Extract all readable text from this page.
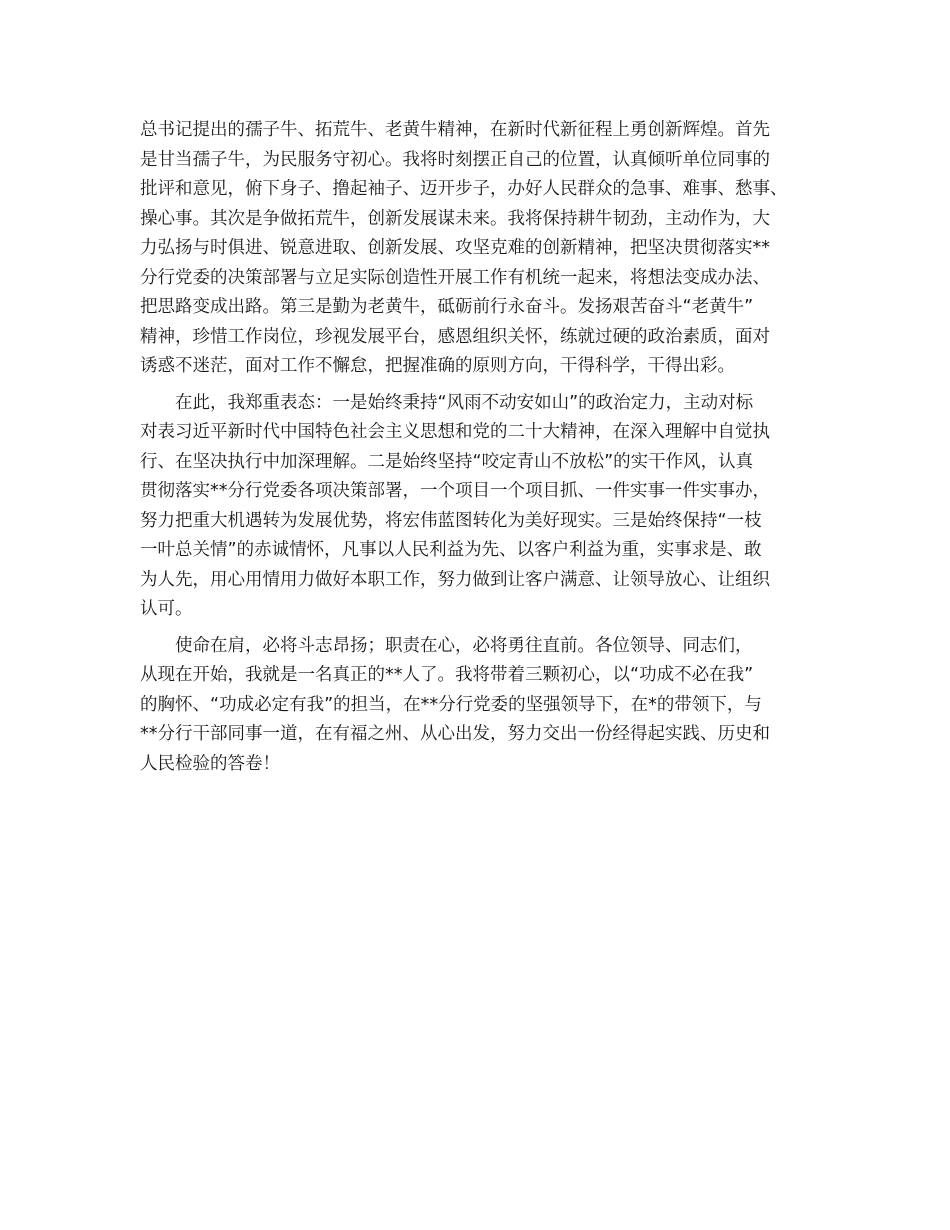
总书记提出的孺子牛、拓荒牛、老黄牛精神，在新时代新征程上勇创新辉煌。首先
是甘当孺子牛，为民服务守初心。我将时刻摆正自己的位置，认真倾听单位同事的
批评和意见，俯下身子、撸起袖子、迈开步子，办好人民群众的急事、难事、愁事、
操心事。其次是争做拓荒牛，创新发展谋未来。我将保持耕牛韧劲，主动作为，大
力弘扬与时俱进、锐意进取、创新发展、攻坚克难的创新精神，把坚决贯彻落实**
分行党委的决策部署与立足实际创造性开展工作有机统一起来，将想法变成办法、
把思路变成出路。第三是勤为老黄牛，砥砺前行永奋斗。发扬艰苦奋斗“老黄牛”
精神，珍惜工作岗位，珍视发展平台，感恩组织关怀，练就过硬的政治素质，面对
诱惑不迷茫，面对工作不懈怠，把握准确的原则方向，干得科学，干得出彩。

在此，我郑重表态：一是始终秉持“风雨不动安如山”的政治定力，主动对标
对表习近平新时代中国特色社会主义思想和党的二十大精神，在深入理解中自觉执
行、在坚决执行中加深理解。二是始终坚持“咬定青山不放松”的实干作风，认真
贯彻落实**分行党委各项决策部署，一个项目一个项目抓、一件实事一件实事办，
努力把重大机遇转为发展优势，将宏伟蓝图转化为美好现实。三是始终保持“一枝
一叶总关情”的赤诚情怀，凡事以人民利益为先、以客户利益为重，实事求是、敢
为人先，用心用情用力做好本职工作，努力做到让客户满意、让领导放心、让组织
认可。

使命在肩，必将斗志昂扬；职责在心，必将勇往直前。各位领导、同志们，
从现在开始，我就是一名真正的**人了。我将带着三颗初心，以“功成不必在我”
的胸怀、“功成必定有我”的担当，在**分行党委的坚强领导下，在*的带领下，与
**分行干部同事一道，在有福之州、从心出发，努力交出一份经得起实践、历史和
人民检验的答卷！
